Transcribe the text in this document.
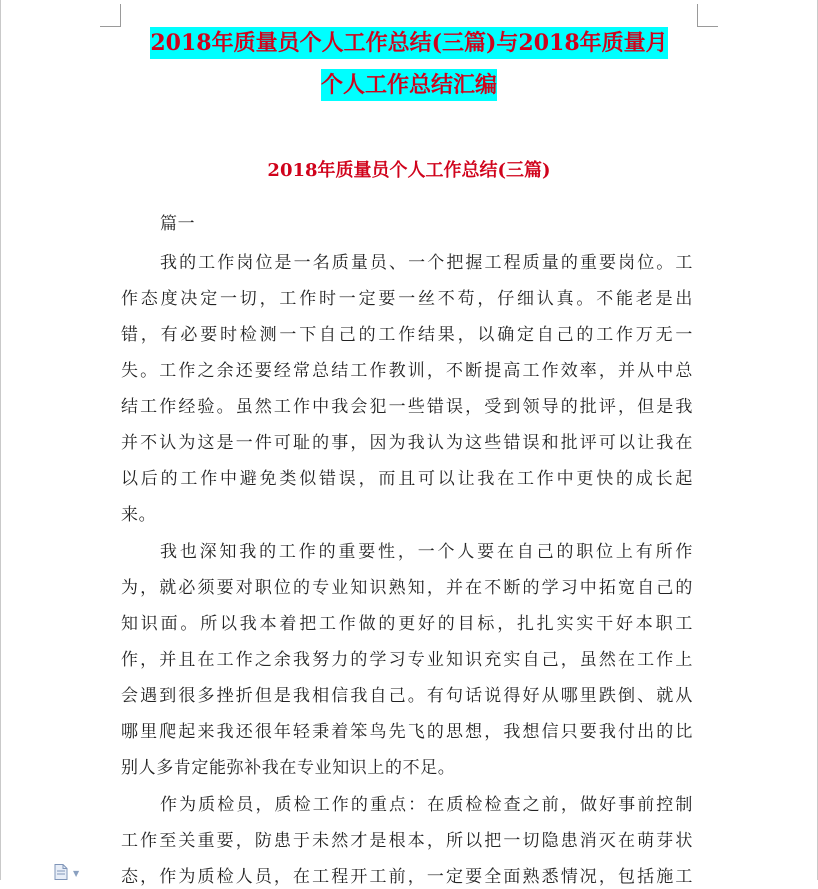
2018年质量员个人工作总结(三篇)与2018年质量月
个人工作总结汇编
2018年质量员个人工作总结(三篇)
篇一
我的工作岗位是一名质量员、一个把握工程质量的重要岗位。工
作态度决定一切，工作时一定要一丝不苟，仔细认真。不能老是出
错，有必要时检测一下自己的工作结果，以确定自己的工作万无一
失。工作之余还要经常总结工作教训，不断提高工作效率，并从中总
结工作经验。虽然工作中我会犯一些错误，受到领导的批评，但是我
并不认为这是一件可耻的事，因为我认为这些错误和批评可以让我在
以后的工作中避免类似错误，而且可以让我在工作中更快的成长起
来。
我也深知我的工作的重要性，一个人要在自己的职位上有所作
为，就必须要对职位的专业知识熟知，并在不断的学习中拓宽自己的
知识面。所以我本着把工作做的更好的目标，扎扎实实干好本职工
作，并且在工作之余我努力的学习专业知识充实自己，虽然在工作上
会遇到很多挫折但是我相信我自己。有句话说得好从哪里跌倒、就从
哪里爬起来我还很年轻秉着笨鸟先飞的思想，我想信只要我付出的比
别人多肯定能弥补我在专业知识上的不足。
作为质检员，质检工作的重点：在质检检查之前，做好事前控制
工作至关重要，防患于未然才是根本，所以把一切隐患消灭在萌芽状
态，作为质检人员，在工程开工前，一定要全面熟悉情况，包括施工
▼
